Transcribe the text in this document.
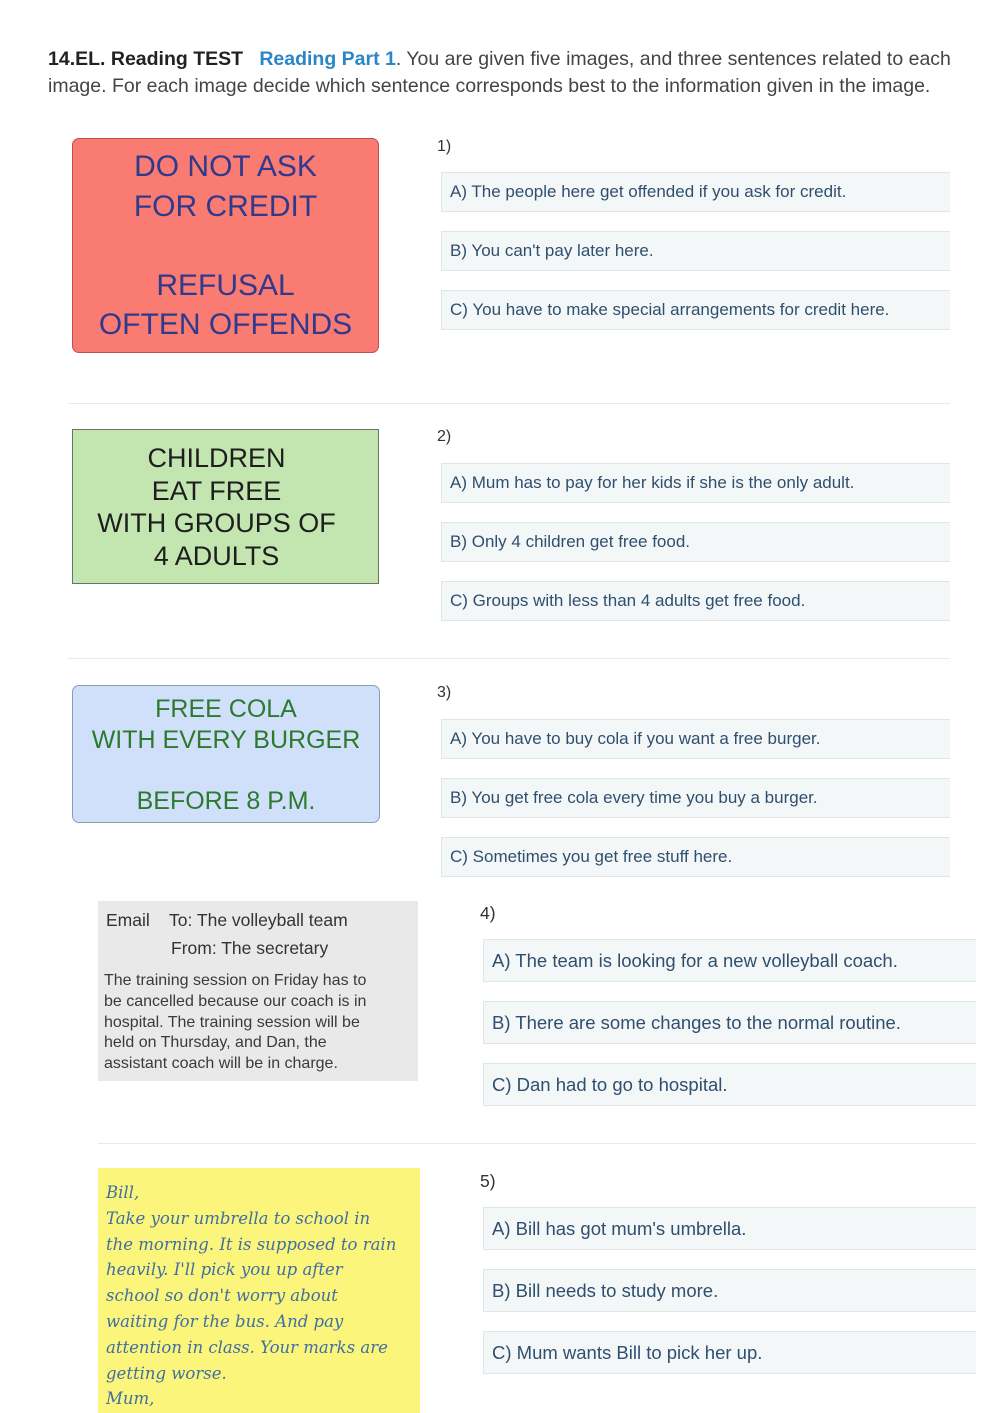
14.EL. Reading TEST Reading Part 1. You are given five images, and three sentences related to each image. For each image decide which sentence corresponds best to the information given in the image.
DO NOT ASK
FOR CREDIT
REFUSAL
OFTEN OFFENDS
1)
A) The people here get offended if you ask for credit.
B) You can't pay later here.
C) You have to make special arrangements for credit here.
CHILDREN
EAT FREE
WITH GROUPS OF
4 ADULTS
2)
A) Mum has to pay for her kids if she is the only adult.
B) Only 4 children get free food.
C) Groups with less than 4 adults get free food.
FREE COLA
WITH EVERY BURGER
BEFORE 8 P.M.
3)
A) You have to buy cola if you want a free burger.
B) You get free cola every time you buy a burger.
C) Sometimes you get free stuff here.
Email To: The volleyball team
From: The secretary
The training session on Friday has to
be cancelled because our coach is in
hospital. The training session will be
held on Thursday, and Dan, the
assistant coach will be in charge.
4)
A) The team is looking for a new volleyball coach.
B) There are some changes to the normal routine.
C) Dan had to go to hospital.
Bill,
Take your umbrella to school in
the morning. It is supposed to rain
heavily. I'll pick you up after
school so don't worry about
waiting for the bus. And pay
attention in class. Your marks are
getting worse.
Mum,
5)
A) Bill has got mum's umbrella.
B) Bill needs to study more.
C) Mum wants Bill to pick her up.
